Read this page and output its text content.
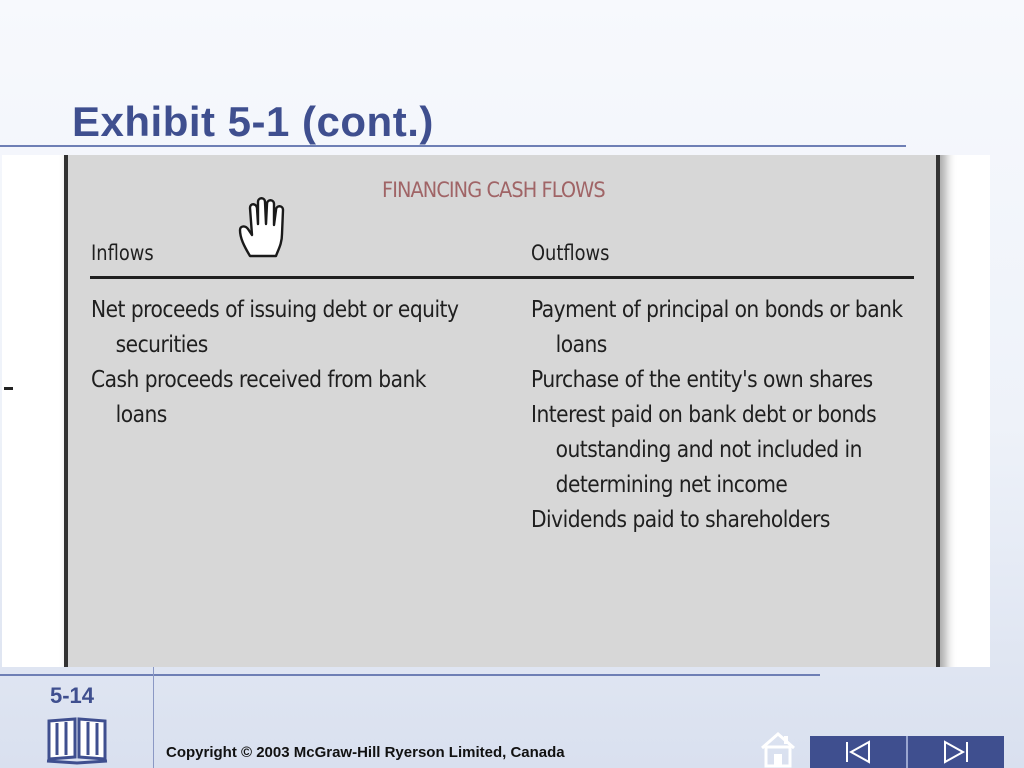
Exhibit 5-1 (cont.)
FINANCING CASH FLOWS
Inflows	Outflows
Net proceeds of issuing debt or equity securities
Cash proceeds received from bank loans
Payment of principal on bonds or bank loans
Purchase of the entity's own shares
Interest paid on bank debt or bonds outstanding and not included in determining net income
Dividends paid to shareholders
5-14
Copyright © 2003 McGraw-Hill Ryerson Limited, Canada
